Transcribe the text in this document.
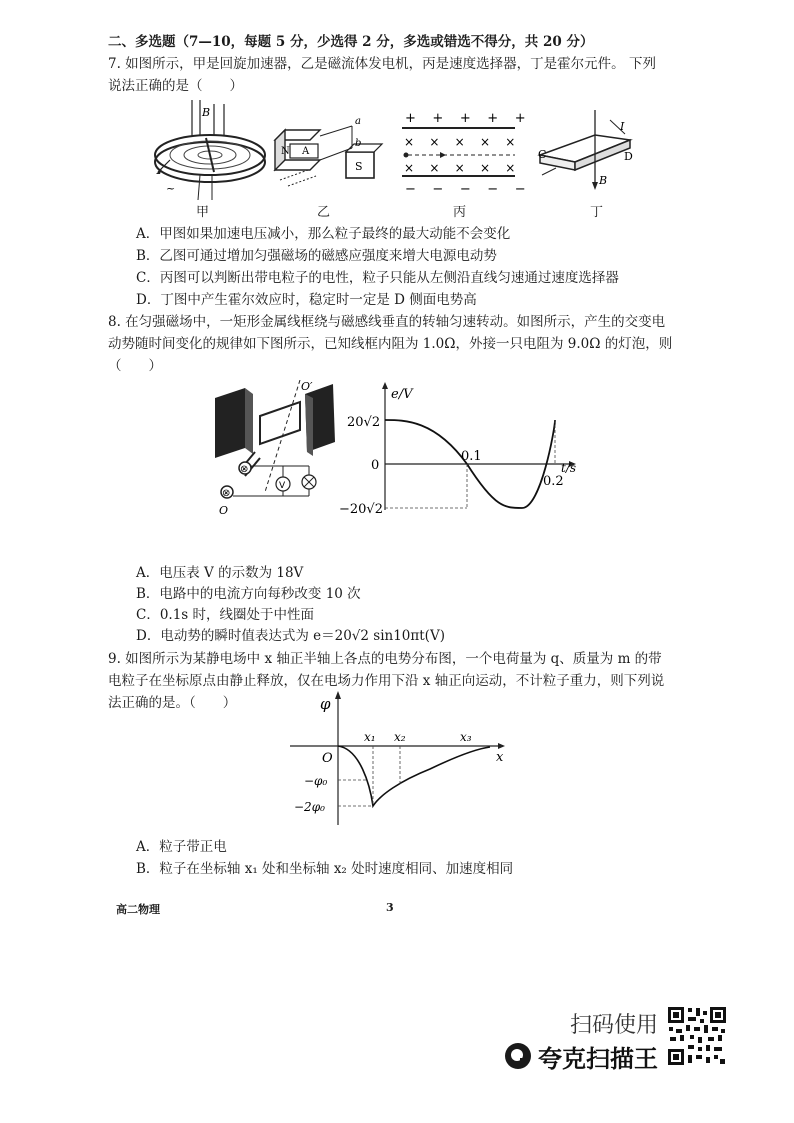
二、多选题（7—10，每题 5 分，少选得 2 分，多选或错选不得分，共 20 分）
7. 如图所示，甲是回旋加速器，乙是磁流体发电机，丙是速度选择器，丁是霍尔元件。 下列
说法正确的是（　　）
B
~
N A
a
b
S
+    +    +    +    +
−    −    −    −    −
×    ×    ×    ×    ×
×    ×    ×    ×    ×
I
C	D
B
甲	乙	丙	丁
A．甲图如果加速电压减小，那么粒子最终的最大动能不会变化
B．乙图可通过增加匀强磁场的磁感应强度来增大电源电动势
C．丙图可以判断出带电粒子的电性，粒子只能从左侧沿直线匀速通过速度选择器
D．丁图中产生霍尔效应时，稳定时一定是 D 侧面电势高
8. 在匀强磁场中，一矩形金属线框绕与磁感线垂直的转轴匀速转动。如图所示，产生的交变电
动势随时间变化的规律如下图所示，已知线框内阻为 1.0Ω，外接一只电阻为 9.0Ω 的灯泡，则
（　　）
⊗
⊗
V
O′
O
e/V
20√2
0
−20√2
0.1
0.2
t/s
A．电压表 V 的示数为 18V
B．电路中的电流方向每秒改变 10 次
C．0.1s 时，线圈处于中性面
D．电动势的瞬时值表达式为 e＝20√2 sin10πt(V)
9. 如图所示为某静电场中 x 轴正半轴上各点的电势分布图，一个电荷量为 q、质量为 m 的带
电粒子在坐标原点由静止释放，仅在电场力作用下沿 x 轴正向运动，不计粒子重力，则下列说
法正确的是。（　　）	φ
O
x₁ x₂	x₃
x
−φ₀
−2φ₀
A．粒子带正电
B．粒子在坐标轴 x₁ 处和坐标轴 x₂ 处时速度相同、加速度相同
高二物理	3
扫码使用
夸克扫描王
